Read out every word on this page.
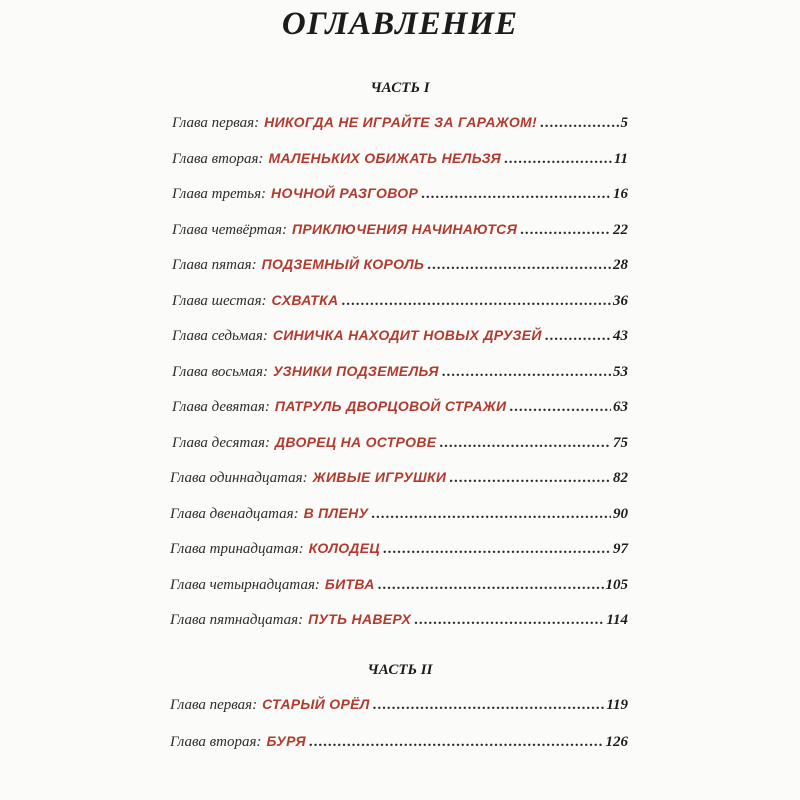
ОГЛАВЛЕНИЕ
ЧАСТЬ I
ЧАСТЬ II
Глава первая: НИКОГДА НЕ ИГРАЙТЕ ЗА ГАРАЖОМ! .....	5
Глава вторая: МАЛЕНЬКИХ ОБИЖАТЬ НЕЛЬЗЯ .....	11
Глава третья: НОЧНОЙ РАЗГОВОР .....	16
Глава четвёртая: ПРИКЛЮЧЕНИЯ НАЧИНАЮТСЯ .....	22
Глава пятая: ПОДЗЕМНЫЙ КОРОЛЬ .....	28
Глава шестая: СХВАТКА .....	36
Глава седьмая: СИНИЧКА НАХОДИТ НОВЫХ ДРУЗЕЙ .....	43
Глава восьмая: УЗНИКИ ПОДЗЕМЕЛЬЯ .....	53
Глава девятая: ПАТРУЛЬ ДВОРЦОВОЙ СТРАЖИ .....	63
Глава десятая: ДВОРЕЦ НА ОСТРОВЕ .....	75
Глава одиннадцатая: ЖИВЫЕ ИГРУШКИ .....	82
Глава двенадцатая: В ПЛЕНУ .....	90
Глава тринадцатая: КОЛОДЕЦ .....	97
Глава четырнадцатая: БИТВА .....	105
Глава пятнадцатая: ПУТЬ НАВЕРХ .....	114
Глава первая: СТАРЫЙ ОРЁЛ .....	119
Глава вторая: БУРЯ .....	126
